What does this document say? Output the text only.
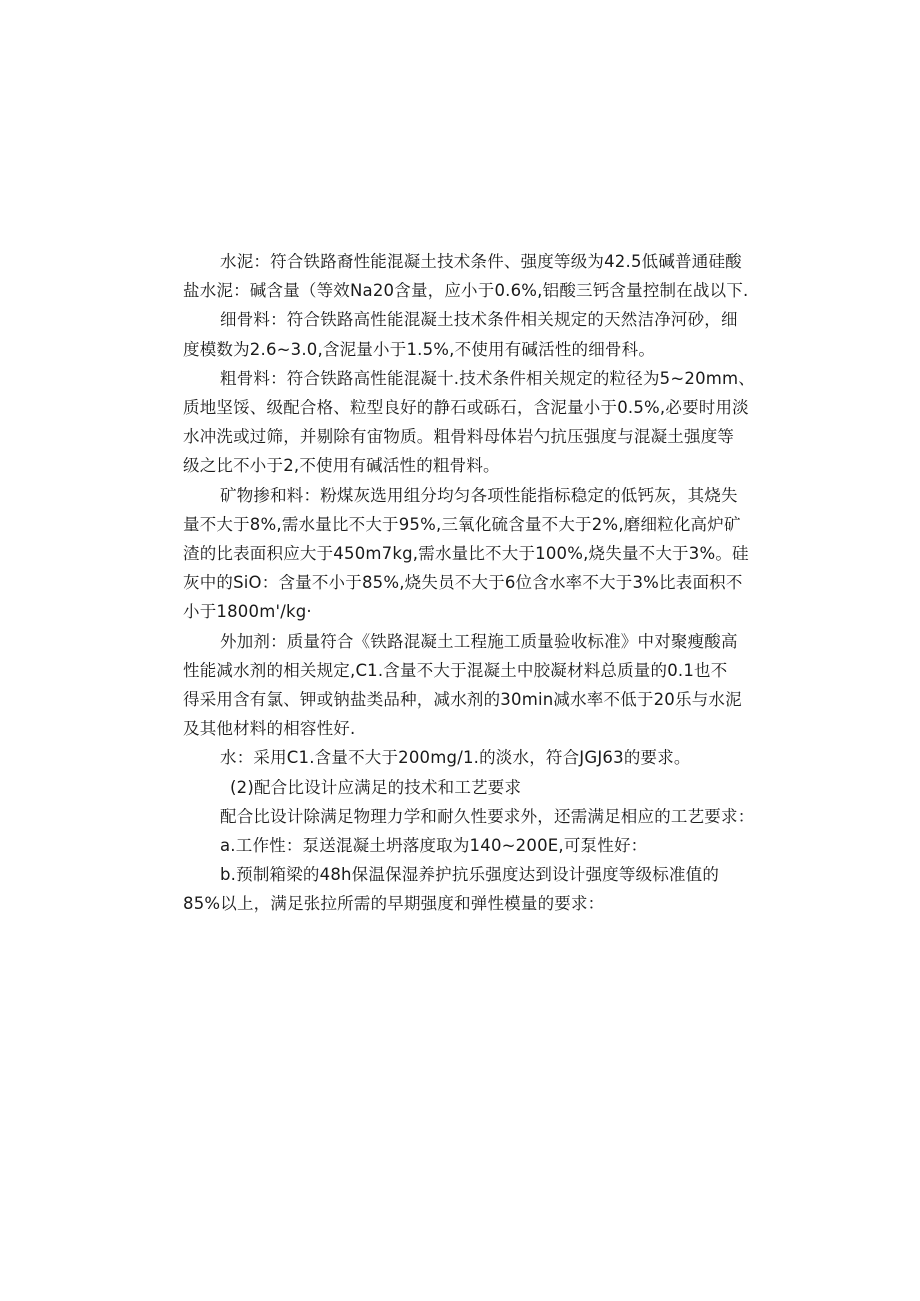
水泥：符合铁路裔性能混凝土技术条件、强度等级为42.5低碱普通硅酸
盐水泥：碱含量（等效Na20含量，应小于0.6%,铝酸三钙含量控制在战以下.
细骨料：符合铁路高性能混凝土技术条件相关规定的天然洁净河砂，细
度模数为2.6~3.0,含泥量小于1.5%,不使用有碱活性的细骨科。
粗骨料：符合铁路高性能混凝十.技术条件相关规定的粒径为5~20mm、
质地坚馁、级配合格、粒型良好的静石或砾石，含泥量小于0.5%,必要时用淡
水冲洗或过筛，并剔除有宙物质。粗骨料母体岩勺抗压强度与混凝土强度等
级之比不小于2,不使用有碱活性的粗骨料。
矿物掺和料：粉煤灰选用组分均匀各项性能指标稳定的低钙灰，其烧失
量不大于8%,需水量比不大于95%,三氧化硫含量不大于2%,磨细粒化高炉矿
渣的比表面积应大于450m7kg,需水量比不大于100%,烧失量不大于3%。硅
灰中的SiO：含量不小于85%,烧失员不大于6位含水率不大于3%比表面积不
小于1800m'/kg·
外加剂：质量符合《铁路混凝土工程施工质量验收标准》中对聚瘦酸高
性能减水剂的相关规定,C1.含量不大于混凝土中胶凝材料总质量的0.1也不
得采用含有氯、钾或钠盐类品种，减水剂的30min减水率不低于20乐与水泥
及其他材料的相容性好.
水：采用C1.含量不大于200mg/1.的淡水，符合JGJ63的要求。
(2)配合比设计应满足的技术和工艺要求
配合比设计除满足物理力学和耐久性要求外，还需满足相应的工艺要求：
a.工作性：泵送混凝土坍落度取为140~200E,可泵性好：
b.预制箱梁的48h保温保湿养护抗乐强度达到设计强度等级标准值的
85%以上，满足张拉所需的早期强度和弹性模量的要求：
